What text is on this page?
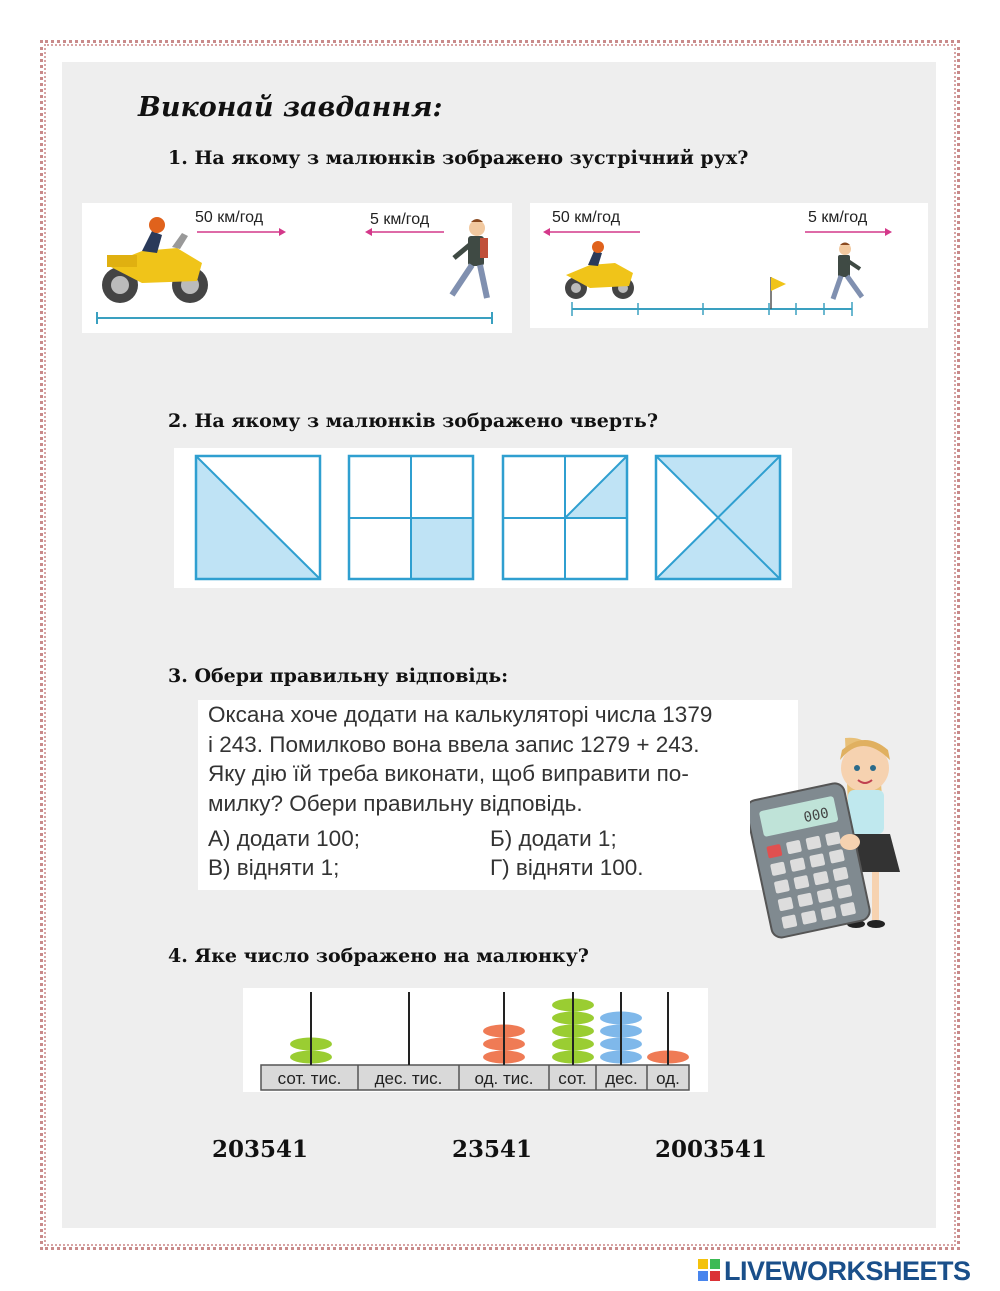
Виконай завдання:
1. На якому з малюнків зображено зустрічний рух?
50 км/год	5 км/год	50 км/год	5 км/год
2. На якому з малюнків зображено чверть?
3. Обери правильну відповідь:

Оксана хоче додати на калькуляторі числа 1379

і 243. Помилково вона ввела запис 1279 + 243.

Яку дію їй треба виконати, щоб виправити по-

милку? Обери правильну відповідь.

А) додати 100;	Б) додати 1;
В) відняти 1;	Г) відняти 100.
000
4. Яке число зображено на малюнку?
сот. тис. дес. тис. од. тис. сот. дес. од.
203541	23541	2003541
LIVEWORKSHEETS
